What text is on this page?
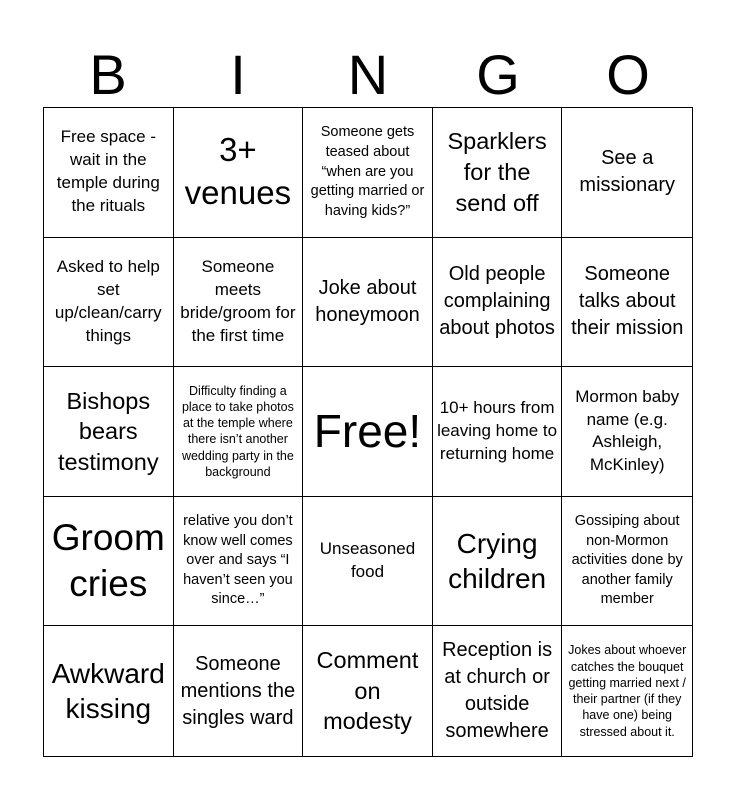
B	I	N	G	O
Free space - wait in the temple during the rituals
3+ venues
Someone gets teased about “when are you getting married or having kids?”
Sparklers for the send off
See a missionary
Asked to help set up/clean/carry things
Someone meets bride/groom for the first time
Joke about honeymoon
Old people complaining about photos
Someone talks about their mission
Bishops bears testimony
Difficulty finding a place to take photos at the temple where there isn’t another wedding party in the background
Free!	10+ hours from leaving home to returning home
Mormon baby name (e.g. Ashleigh, McKinley)
Groom cries
relative you don’t know well comes over and says “I haven’t seen you since…”
Unseasoned food
Crying children
Gossiping about non-Mormon activities done by another family member
Awkward kissing
Someone mentions the singles ward
Comment on modesty
Reception is at church or outside somewhere
Jokes about whoever catches the bouquet getting married next / their partner (if they have one) being stressed about it.
